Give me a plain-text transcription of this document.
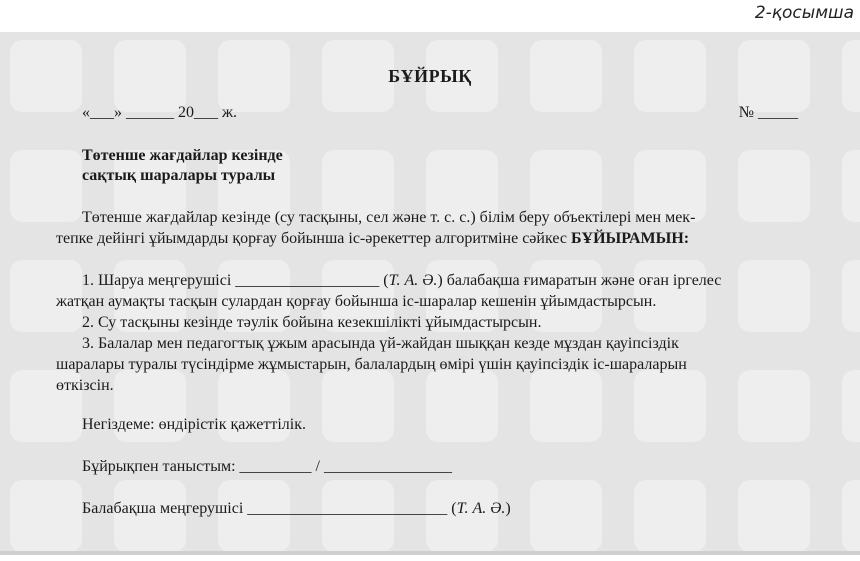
2-қосымша
БҰЙРЫҚ
«___» ______ 20___ ж.	№ _____
Төтенше жағдайлар кезінде
сақтық шаралары туралы
Төтенше жағдайлар кезінде (су тасқыны, сел және т. с. с.) білім беру объектілері мен мек-
тепке дейінгі ұйымдарды қорғау бойынша іс-әрекеттер алгоритміне сәйкес БҰЙЫРАМЫН:
1. Шаруа меңгерушісі __________________ (Т. А. Ә.) балабақша ғимаратын және оған іргелес
жатқан аумақты тасқын сулардан қорғау бойынша іс-шаралар кешенін ұйымдастырсын.
2. Су тасқыны кезінде тәулік бойына кезекшілікті ұйымдастырсын.
3. Балалар мен педагогтық ұжым арасында үй-жайдан шыққан кезде мұздан қауіпсіздік
шаралары туралы түсіндірме жұмыстарын, балалардың өмірі үшін қауіпсіздік іс-шараларын
өткізсін.
Негіздеме: өндірістік қажеттілік.
Бұйрықпен таныстым: _________ / ________________
Балабақша меңгерушісі _________________________ (Т. А. Ә.)
